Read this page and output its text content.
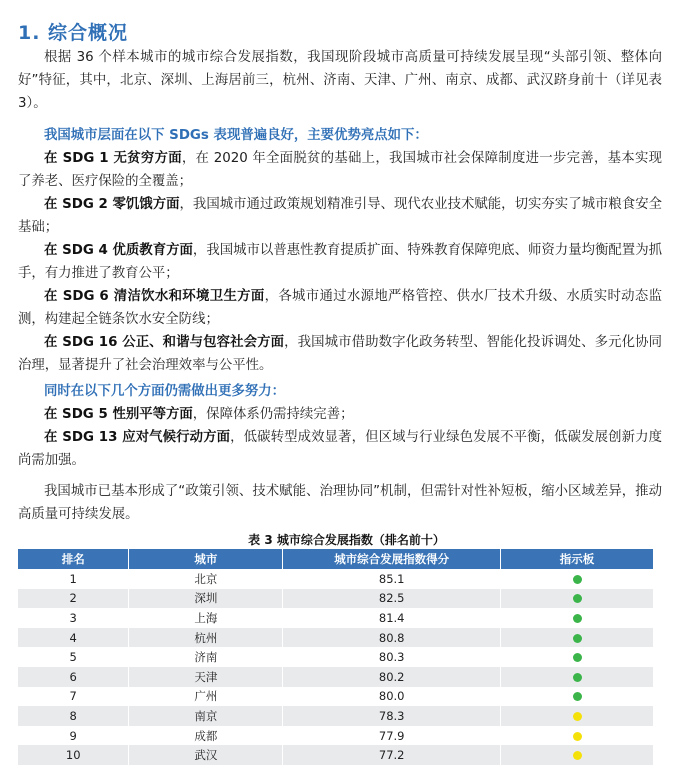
1. 综合概况

根据 36 个样本城市的城市综合发展指数，我国现阶段城市高质量可持续发展呈现“头部引领、整体向好”特征，其中，北京、深圳、上海居前三，杭州、济南、天津、广州、南京、成都、武汉跻身前十（详见表 3）。

我国城市层面在以下 SDGs 表现普遍良好，主要优势亮点如下：

在 SDG 1 无贫穷方面，在 2020 年全面脱贫的基础上，我国城市社会保障制度进一步完善，基本实现了养老、医疗保险的全覆盖；

在 SDG 2 零饥饿方面，我国城市通过政策规划精准引导、现代农业技术赋能，切实夯实了城市粮食安全基础；

在 SDG 4 优质教育方面，我国城市以普惠性教育提质扩面、特殊教育保障兜底、师资力量均衡配置为抓手，有力推进了教育公平；

在 SDG 6 清洁饮水和环境卫生方面，各城市通过水源地严格管控、供水厂技术升级、水质实时动态监测，构建起全链条饮水安全防线；

在 SDG 16 公正、和谐与包容社会方面，我国城市借助数字化政务转型、智能化投诉调处、多元化协同治理，显著提升了社会治理效率与公平性。

同时在以下几个方面仍需做出更多努力：

在 SDG 5 性别平等方面，保障体系仍需持续完善；

在 SDG 13 应对气候行动方面，低碳转型成效显著，但区域与行业绿色发展不平衡，低碳发展创新力度尚需加强。

我国城市已基本形成了“政策引领、技术赋能、治理协同”机制，但需针对性补短板，缩小区域差异，推动高质量可持续发展。

表 3 城市综合发展指数（排名前十）
排名	城市	城市综合发展指数得分	指示板
1	北京	85.1	
2	深圳	82.5	
3	上海	81.4	
4	杭州	80.8	
5	济南	80.3	
6	天津	80.2	
7	广州	80.0	
8	南京	78.3	
9	成都	77.9	
10	武汉	77.2	
